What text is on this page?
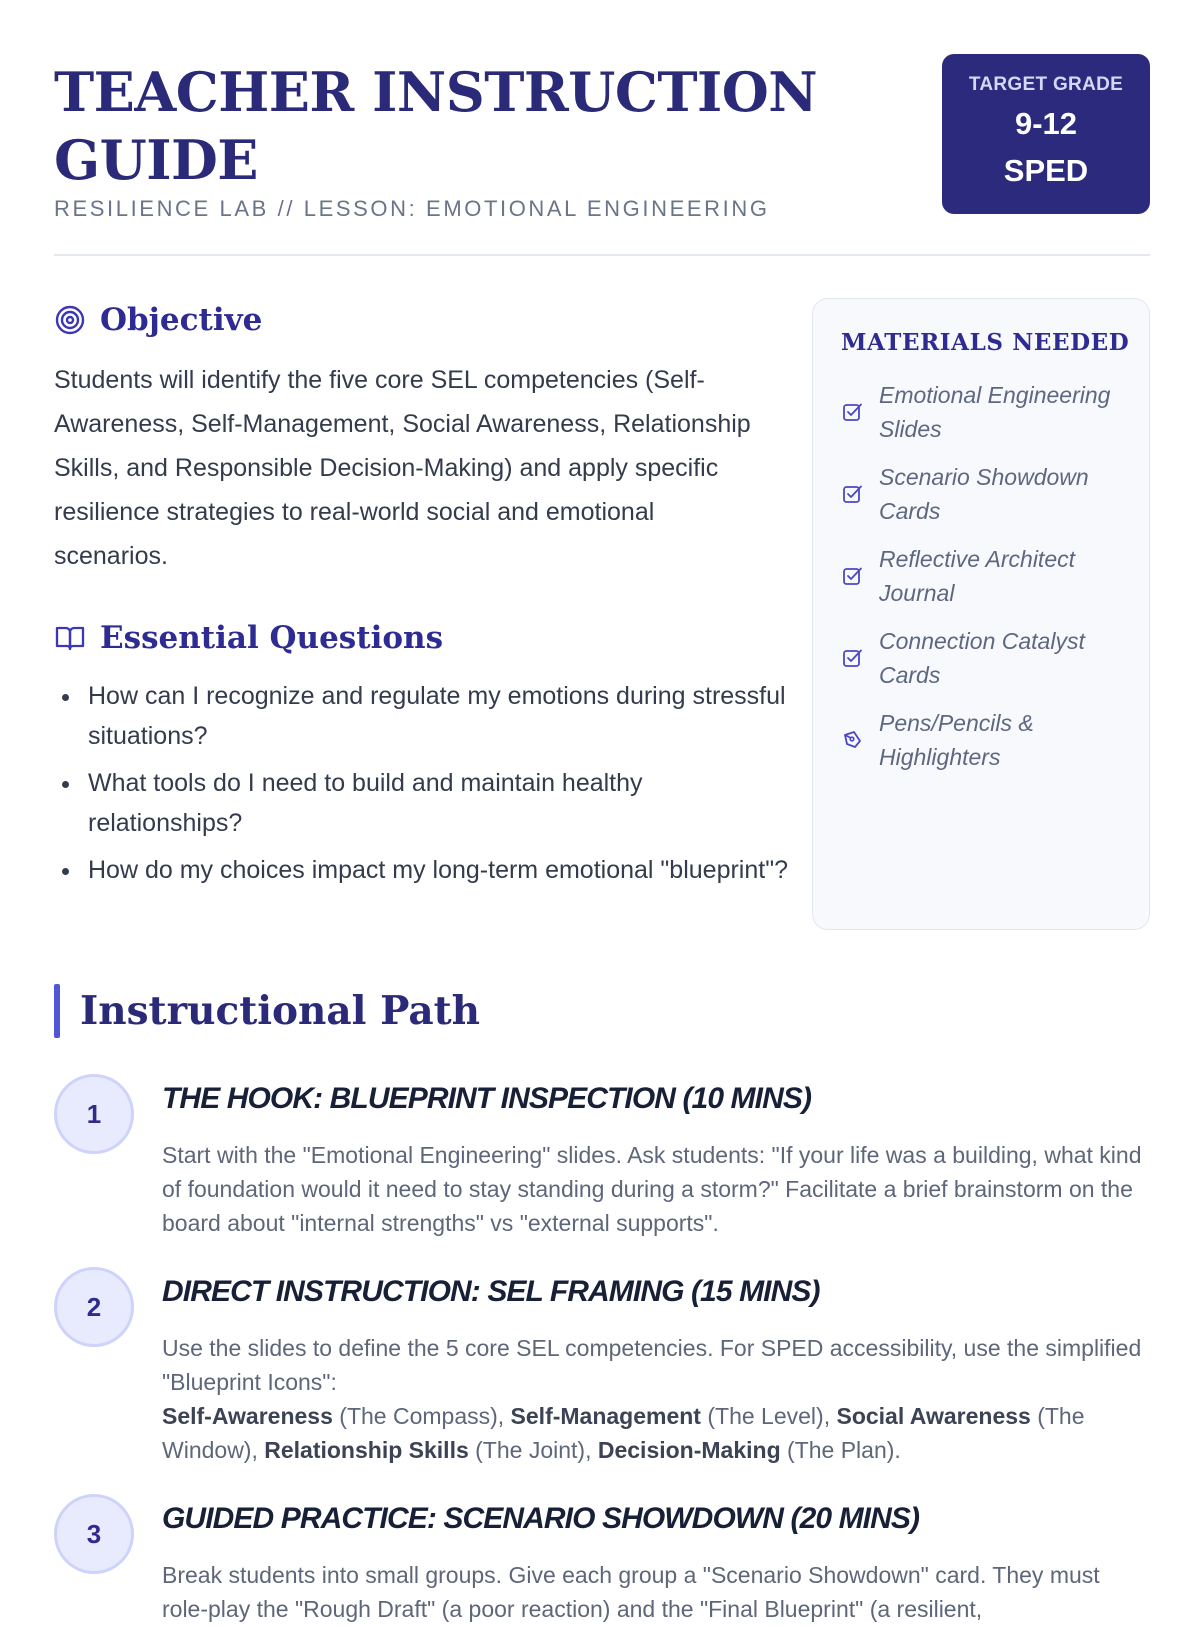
TEACHER INSTRUCTION GUIDE
RESILIENCE LAB // LESSON: EMOTIONAL ENGINEERING
TARGET GRADE
9-12
SPED
Objective

Students will identify the five core SEL competencies (Self-Awareness, Self-Management, Social Awareness, Relationship Skills, and Responsible Decision-Making) and apply specific resilience strategies to real-world social and emotional scenarios.

Essential Questions
How can I recognize and regulate my emotions during stressful situations?
What tools do I need to build and maintain healthy relationships?
How do my choices impact my long-term emotional "blueprint"?
MATERIALS NEEDED
Emotional Engineering Slides
Scenario Showdown Cards
Reflective Architect Journal
Connection Catalyst Cards
Pens/Pencils & Highlighters
Instructional Path
1	THE HOOK: BLUEPRINT INSPECTION (10 MINS)

Start with the "Emotional Engineering" slides. Ask students: "If your life was a building, what kind of foundation would it need to stay standing during a storm?" Facilitate a brief brainstorm on the board about "internal strengths" vs "external supports".

2	DIRECT INSTRUCTION: SEL FRAMING (15 MINS)
Use the slides to define the 5 core SEL competencies. For SPED accessibility, use the simplified "Blueprint Icons":
Self-Awareness (The Compass), Self-Management (The Level), Social Awareness (The Window), Relationship Skills (The Joint), Decision-Making (The Plan).
3	GUIDED PRACTICE: SCENARIO SHOWDOWN (20 MINS)

Break students into small groups. Give each group a "Scenario Showdown" card. They must role-play the "Rough Draft" (a poor reaction) and the "Final Blueprint" (a resilient,
